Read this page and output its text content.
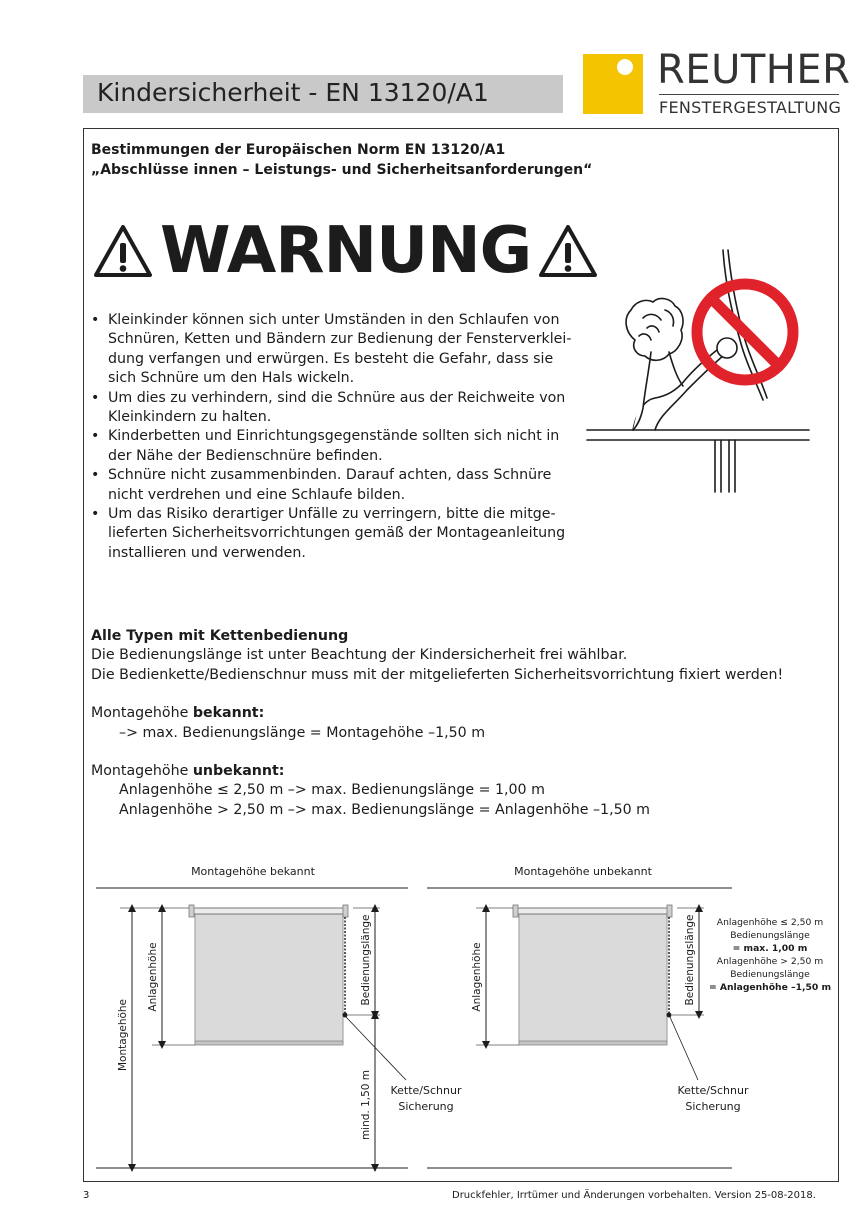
Kindersicherheit - EN 13120/A1	REUTHER
FENSTERGESTALTUNG
Bestimmungen der Europäischen Norm EN 13120/A1
„Abschlüsse innen – Leistungs- und Sicherheitsanforderungen“
WARNUNG
• Kleinkinder können sich unter Umständen in den Schlaufen von Schnüren, Ketten und Bändern zur Bedienung der Fensterverklei-dung verfangen und erwürgen. Es besteht die Gefahr, dass sie sich Schnüre um den Hals wickeln.
• Um dies zu verhindern, sind die Schnüre aus der Reichweite von Kleinkindern zu halten.
• Kinderbetten und Einrichtungsgegenstände sollten sich nicht in der Nähe der Bedienschnüre befinden.
• Schnüre nicht zusammenbinden. Darauf achten, dass Schnüre nicht verdrehen und eine Schlaufe bilden.
• Um das Risiko derartiger Unfälle zu verringern, bitte die mitge-lieferten Sicherheitsvorrichtungen gemäß der Montageanleitung installieren und verwenden.
Alle Typen mit Kettenbedienung
Die Bedienungslänge ist unter Beachtung der Kindersicherheit frei wählbar.
Die Bedienkette/Bedienschnur muss mit der mitgelieferten Sicherheitsvorrichtung fixiert werden!
Montagehöhe bekannt:
–> max. Bedienungslänge = Montagehöhe –1,50 m
Montagehöhe unbekannt:
Anlagenhöhe ≤ 2,50 m –> max. Bedienungslänge = 1,00 m
Anlagenhöhe > 2,50 m –> max. Bedienungslänge = Anlagenhöhe –1,50 m
Montagehöhe bekannt
Anlagenhöhe
Montagehöhe
Bedienungslänge
mind. 1,50 m Kette/Schnur
Sicherung
Montagehöhe unbekannt
Anlagenhöhe	Bedienungslänge
Kette/Schnur
Sicherung
Anlagenhöhe ≤ 2,50 m
Bedienungslänge
= max. 1,00 m
Anlagenhöhe > 2,50 m
Bedienungslänge
= Anlagenhöhe –1,50 m
3	Druckfehler, Irrtümer und Änderungen vorbehalten. Version 25-08-2018.
